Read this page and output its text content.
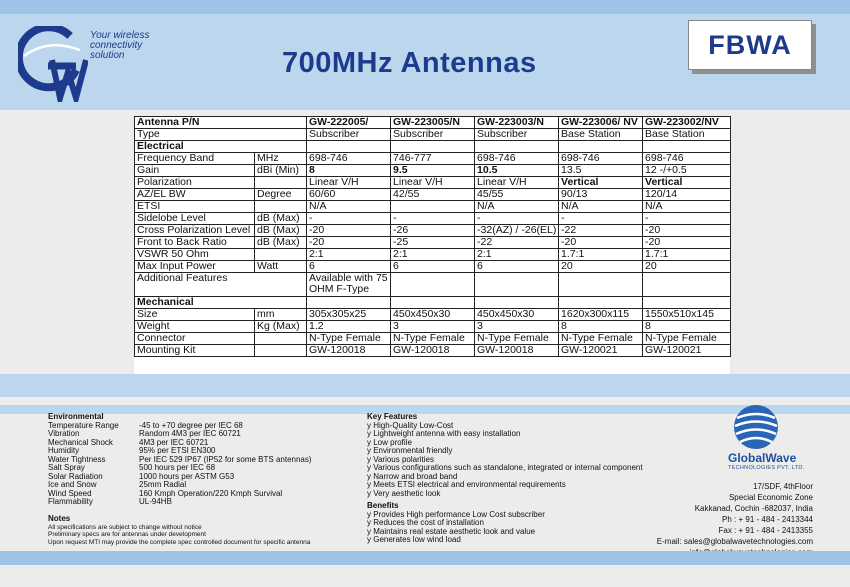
Your wireless
connectivity
solution	700MHz Antennas
FBWA
Antenna P/N		GW-222005/	GW-223005/N	GW-223003/N	GW-223006/ NV	GW-223002/NV
Type		Subscriber	Subscriber	Subscriber	Base Station	Base Station
Electrical						
Frequency Band	MHz	698-746	746-777	698-746	698-746	698-746
Gain	dBi (Min)	8	9.5	10.5	13.5	12 -/+0.5
Polarization		Linear V/H	Linear V/H	Linear V/H	Vertical	Vertical
AZ/EL BW	Degree	60/60	42/55	45/55	90/13	120/14
ETSI		N/A		N/A	N/A	N/A
Sidelobe Level	dB (Max)	-	-	-	-	-
Cross Polarization Level	dB (Max)	-20	-26	-32(AZ) / -26(EL)	-22	-20
Front to Back Ratio	dB (Max)	-20	-25	-22	-20	-20
VSWR 50 Ohm		2:1	2:1	2:1	1.7:1	1.7:1
Max Input Power	Watt	6	6	6	20	20
Additional Features		Available with 75 OHM F-Type				
Mechanical						
Size	mm	305x305x25	450x450x30	450x450x30	1620x300x115	1550x510x145
Weight	Kg (Max)	1.2	3	3	8	8
Connector		N-Type Female	N-Type Female	N-Type Female	N-Type Female	N-Type Female
Mounting Kit		GW-120018	GW-120018	GW-120018	GW-120021	GW-120021
Environmental
Temperature Range	-45 to +70 degree per IEC 68
Vibration	Random 4M3 per IEC 60721
Mechanical Shock	4M3 per IEC 60721
Humidity	95% per ETSI EN300
Water Tightness	Per IEC 529 IP67 (IP52 for some BTS antennas)
Salt Spray	500 hours per IEC 68
Solar Radiation	1000 hours per ASTM G53
Ice and Snow	25mm Radial
Wind Speed	160 Kmph Operation/220 Kmph Survival
Flammability	UL-94HB
Notes
All specifications are subject to change without notice
Preliminary specs are for antennas under development
Upon request MTI may provide the complete spec controlled document for specific antenna
Key Features
y High-Quality Low-Cost
y Lightweight antenna with easy installation
y Low profile
y Environmental friendly
y Various polarities
y Various configurations such as standalone, integrated or internal component
y Narrow and broad band
y Meets ETSI electrical and environmental requirements
y Very aesthetic look
Benefits
y Provides High performance Low Cost subscriber
y Reduces the cost of installation
y Maintains real estate aesthetic look and value
y Generates low wind load
GlobalWave
TECHNOLOGIES PVT. LTD.
17/SDF, 4thFloor
Special Economic Zone
Kakkanad, Cochin -682037, India
Ph : + 91 - 484 - 2413344
Fax : + 91 - 484 - 2413355
E-mail: sales@globalwavetechnologies.com
